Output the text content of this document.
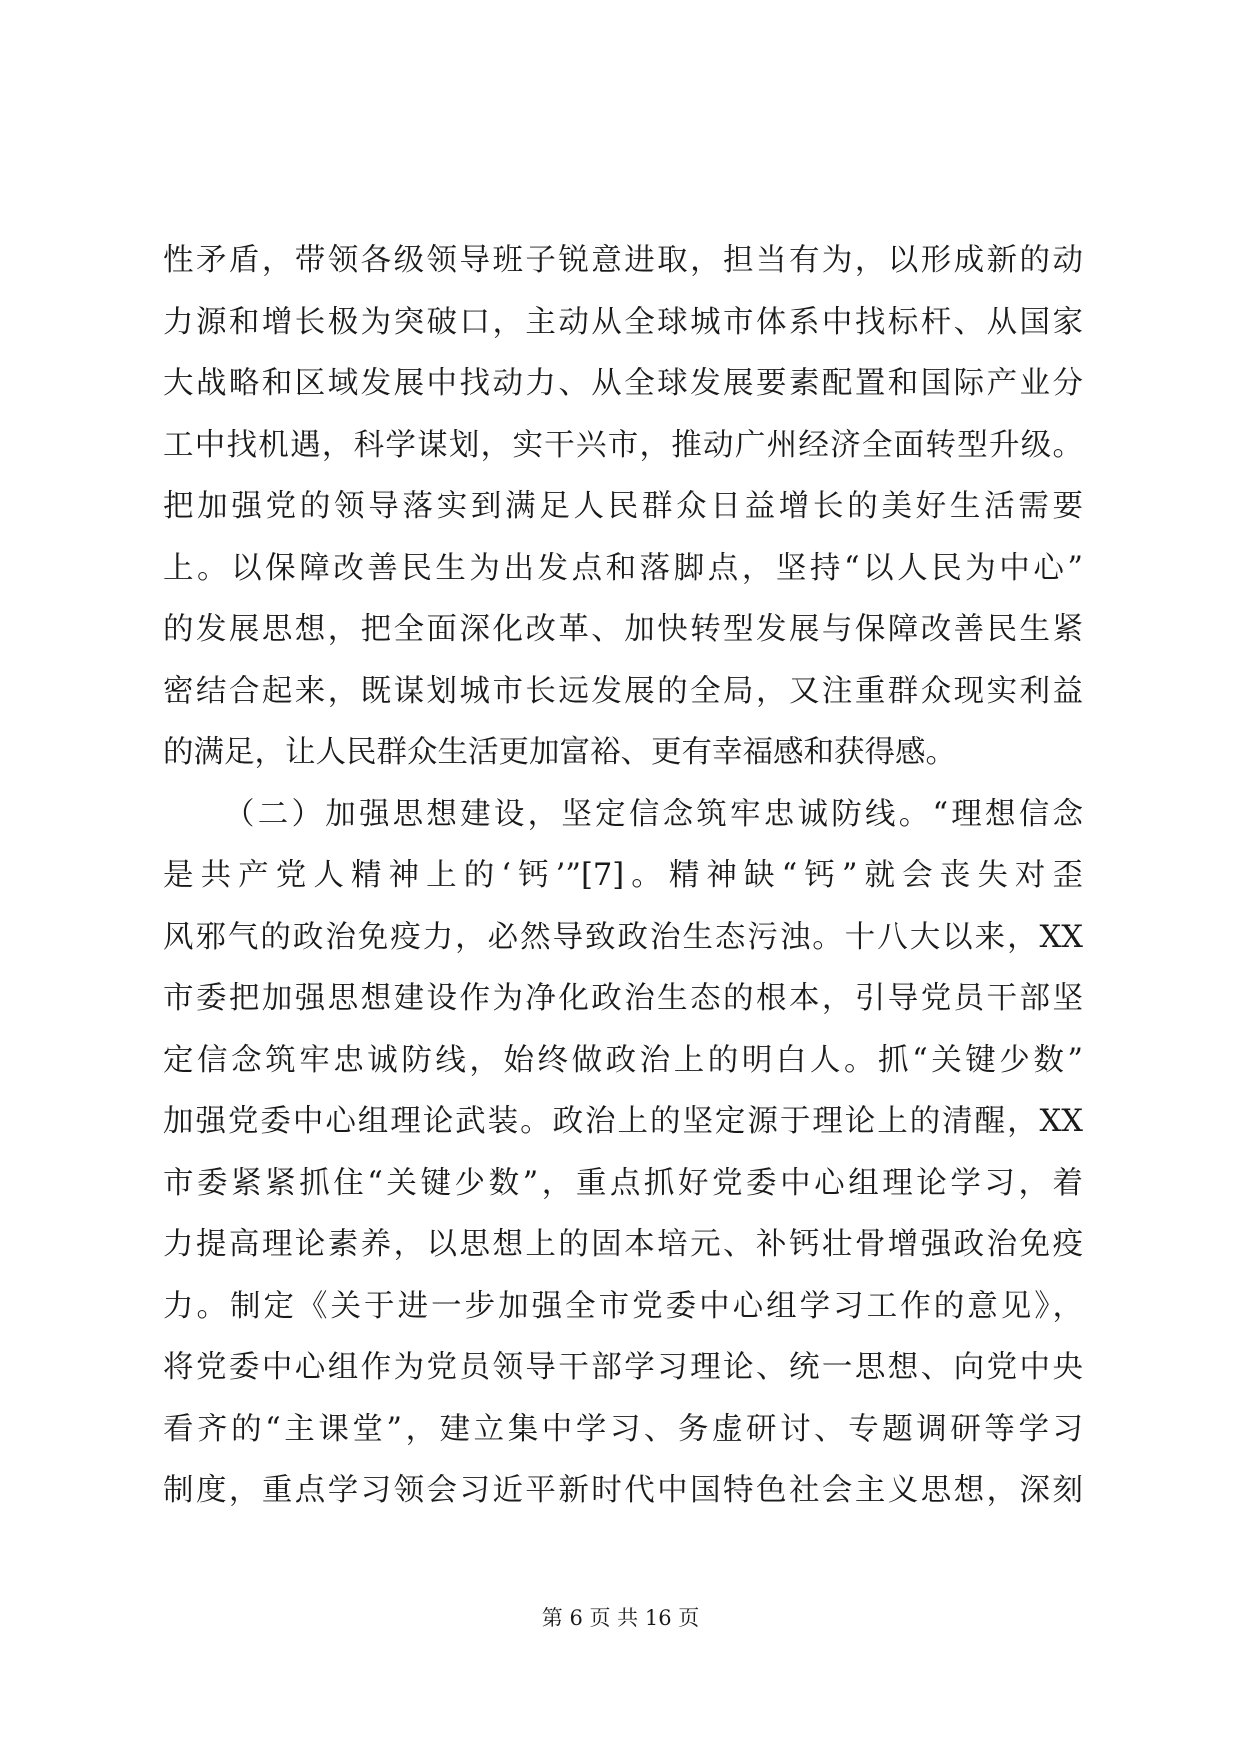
性矛盾，带领各级领导班子锐意进取，担当有为，以形成新的动
力源和增长极为突破口，主动从全球城市体系中找标杆、从国家
大战略和区域发展中找动力、从全球发展要素配置和国际产业分
工中找机遇，科学谋划，实干兴市，推动广州经济全面转型升级。
把加强党的领导落实到满足人民群众日益增长的美好生活需要
上。以保障改善民生为出发点和落脚点，坚持“以人民为中心”
的发展思想，把全面深化改革、加快转型发展与保障改善民生紧
密结合起来，既谋划城市长远发展的全局，又注重群众现实利益
的满足，让人民群众生活更加富裕、更有幸福感和获得感。
（二）加强思想建设，坚定信念筑牢忠诚防线。“理想信念
是共产党人精神上的‘钙’”[7]。精神缺“钙”就会丧失对歪
风邪气的政治免疫力，必然导致政治生态污浊。十八大以来，XX
市委把加强思想建设作为净化政治生态的根本，引导党员干部坚
定信念筑牢忠诚防线，始终做政治上的明白人。抓“关键少数”
加强党委中心组理论武装。政治上的坚定源于理论上的清醒，XX
市委紧紧抓住“关键少数”，重点抓好党委中心组理论学习，着
力提高理论素养，以思想上的固本培元、补钙壮骨增强政治免疫
力。制定《关于进一步加强全市党委中心组学习工作的意见》，
将党委中心组作为党员领导干部学习理论、统一思想、向党中央
看齐的“主课堂”，建立集中学习、务虚研讨、专题调研等学习
制度，重点学习领会习近平新时代中国特色社会主义思想，深刻
第 6 页 共 16 页
